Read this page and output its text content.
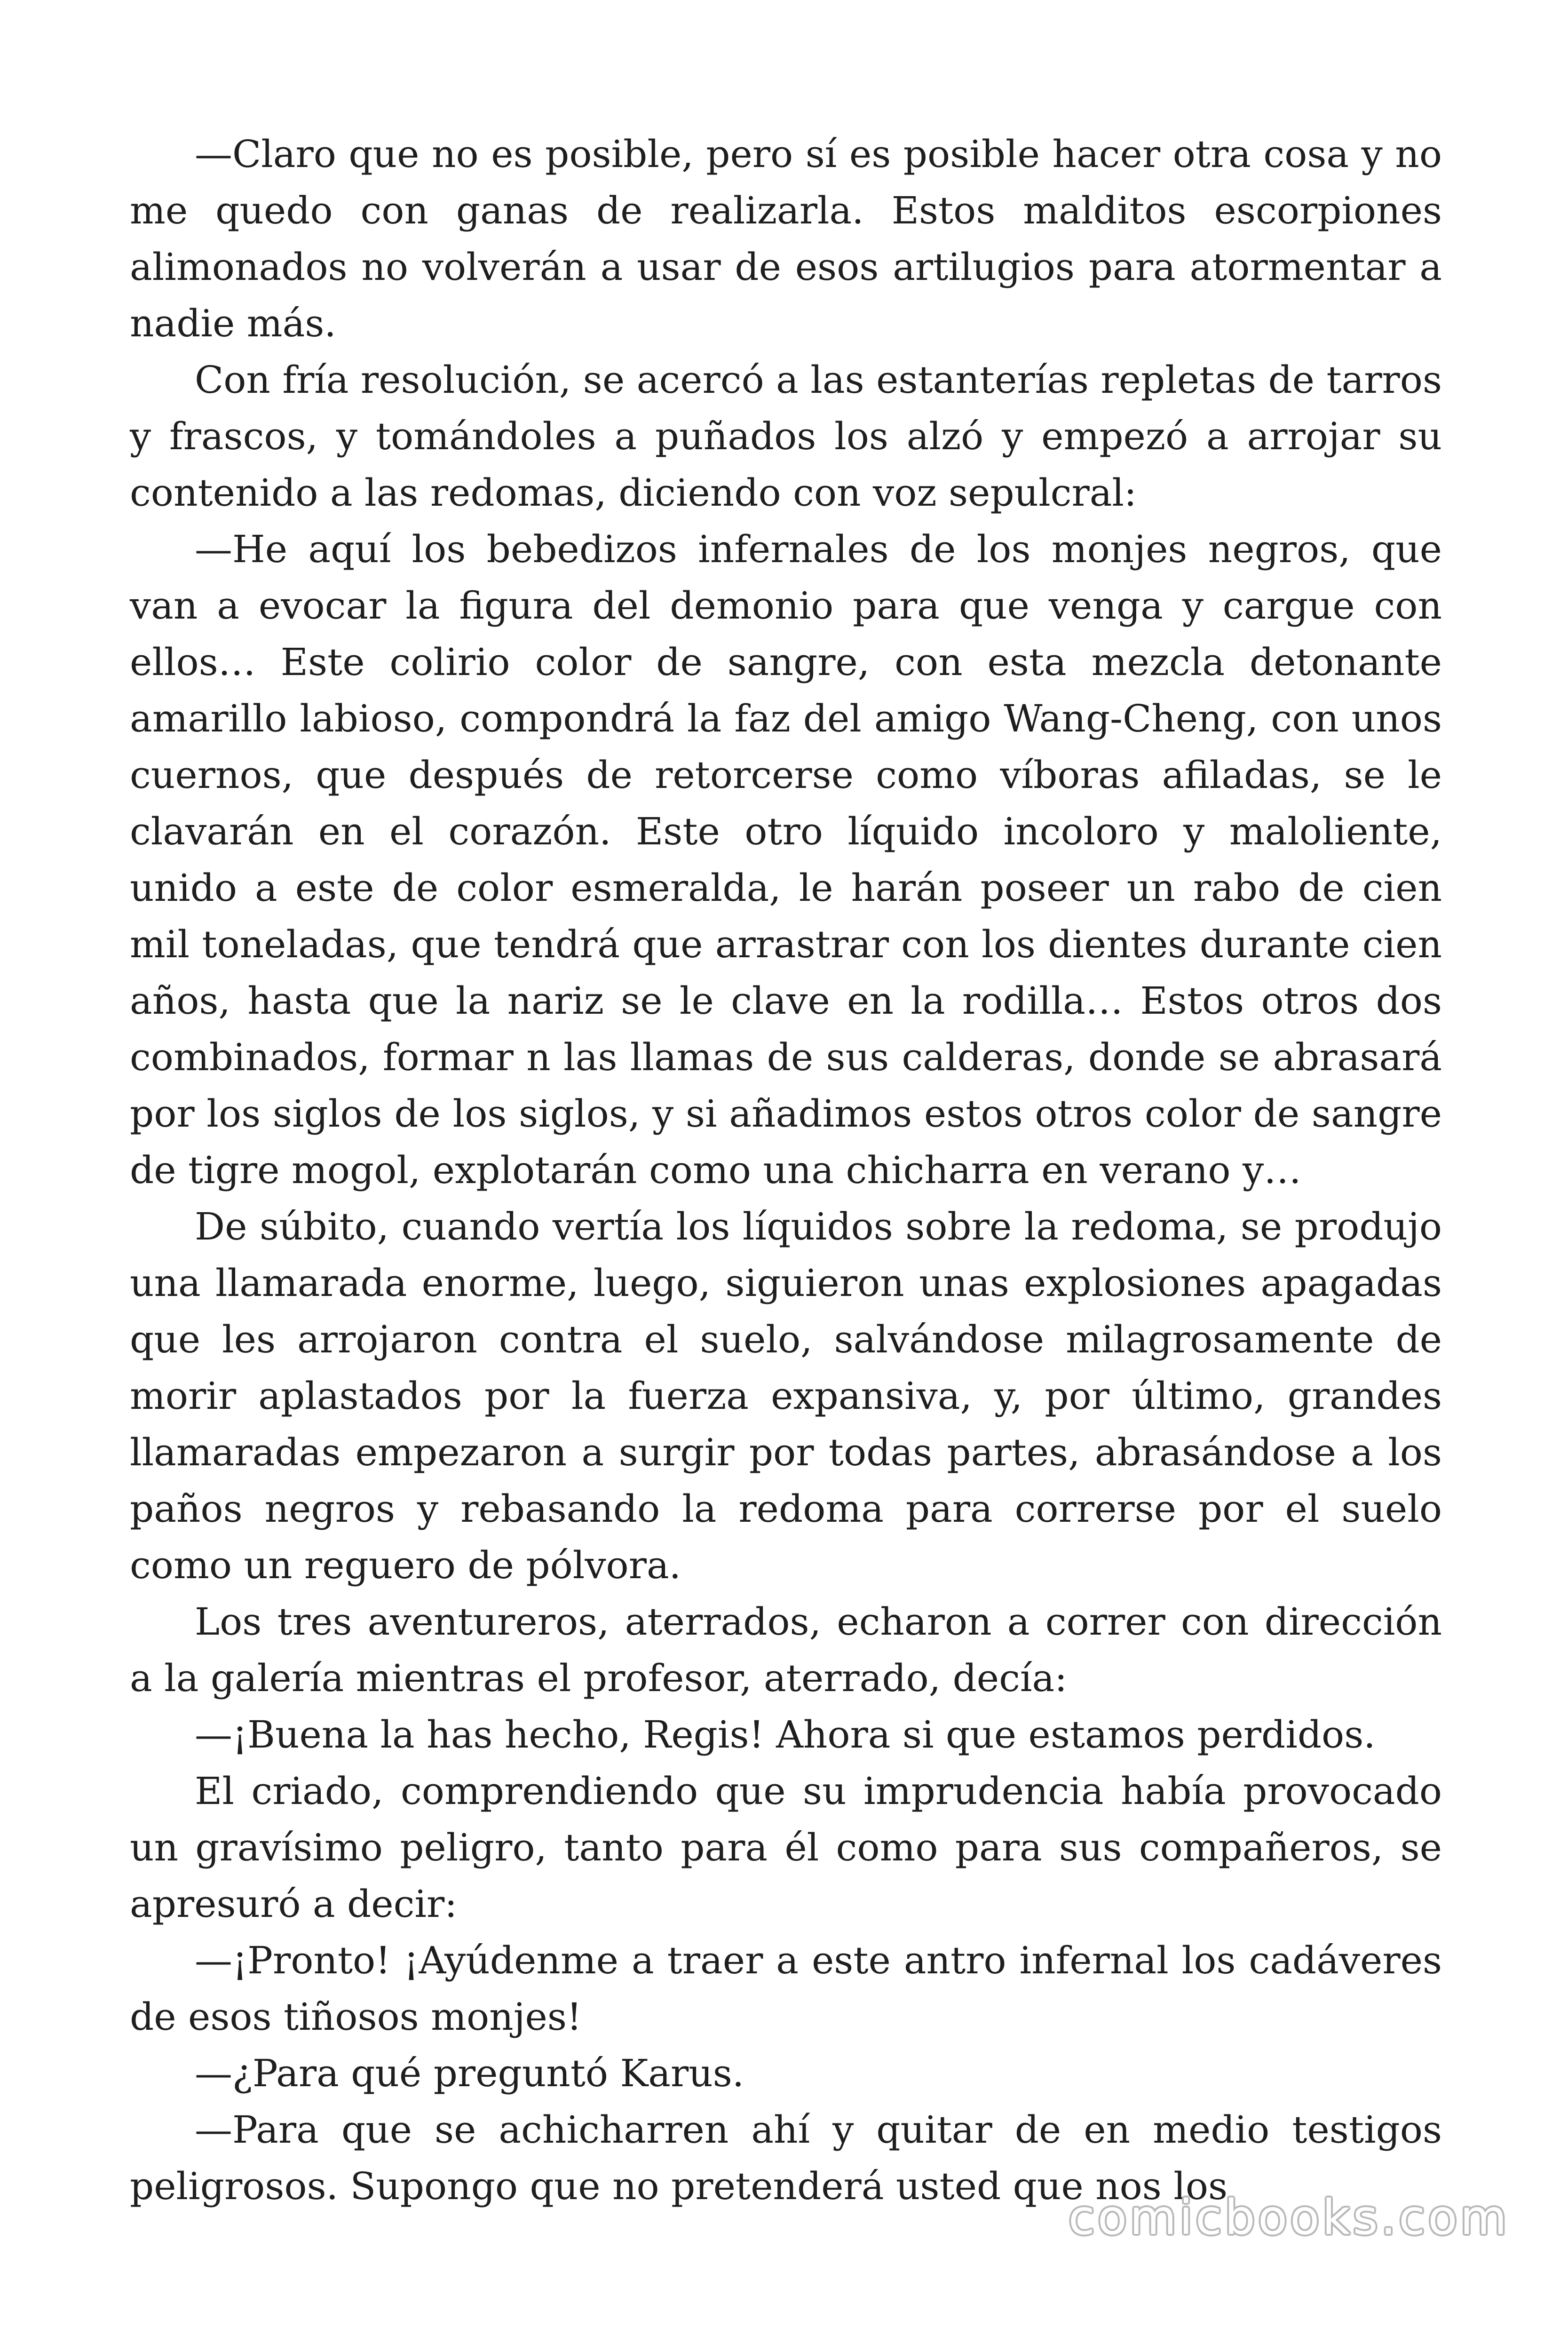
—Claro que no es posible, pero sí es posible hacer otra cosa y no me quedo con ganas de realizarla. Estos malditos escorpiones alimonados no volverán a usar de esos artilugios para atormentar a nadie más.

Con fría resolución, se acercó a las estanterías repletas de tarros y frascos, y tomándoles a puñados los alzó y empezó a arrojar su contenido a las redomas, diciendo con voz sepulcral:

—He aquí los bebedizos infernales de los monjes negros, que van a evocar la figura del demonio para que venga y cargue con ellos… Este colirio color de sangre, con esta mezcla detonante amarillo labioso, compondrá la faz del amigo Wang-Cheng, con unos cuernos, que después de retorcerse como víboras afiladas, se le clavarán en el corazón. Este otro líquido incoloro y maloliente, unido a este de color esmeralda, le harán poseer un rabo de cien mil toneladas, que tendrá que arrastrar con los dientes durante cien años, hasta que la nariz se le clave en la rodilla… Estos otros dos combinados, formar n las llamas de sus calderas, donde se abrasará por los siglos de los siglos, y si añadimos estos otros color de sangre de tigre mogol, explotarán como una chicharra en verano y…

De súbito, cuando vertía los líquidos sobre la redoma, se produjo una llamarada enorme, luego, siguieron unas explosiones apagadas que les arrojaron contra el suelo, salvándose milagrosamente de morir aplastados por la fuerza expansiva, y, por último, grandes llamaradas empezaron a surgir por todas partes, abrasándose a los paños negros y rebasando la redoma para correrse por el suelo como un reguero de pólvora.

Los tres aventureros, aterrados, echaron a correr con dirección a la galería mientras el profesor, aterrado, decía:

—¡Buena la has hecho, Regis! Ahora si que estamos perdidos.

El criado, comprendiendo que su imprudencia había provocado un gravísimo peligro, tanto para él como para sus compañeros, se apresuró a decir:

—¡Pronto! ¡Ayúdenme a traer a este antro infernal los cadáveres de esos tiñosos monjes!

—¿Para qué preguntó Karus.

—Para que se achicharren ahí y quitar de en medio testigos peligrosos. Supongo que no pretenderá usted que nos los

comicbooks.com
